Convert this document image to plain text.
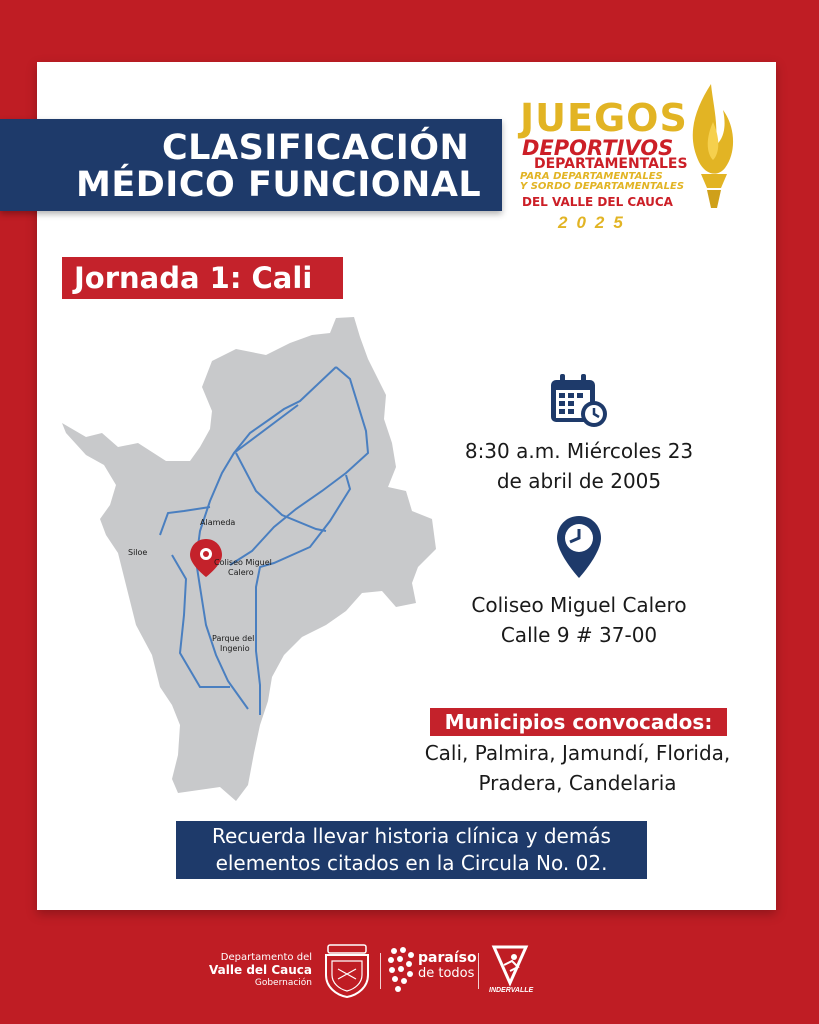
CLASIFICACIÓN
MÉDICO FUNCIONAL
JUEGOS
DEPORTIVOS
DEPARTAMENTALES
PARA DEPARTAMENTALES
Y SORDO DEPARTAMENTALES
DEL VALLE DEL CAUCA
2025
Jornada 1: Cali
Alameda
Siloe
Coliseo Miguel
Calero
Parque del
Ingenio
8:30 a.m. Miércoles 23
de abril de 2005
Coliseo Miguel Calero
Calle 9 # 37-00
Municipios convocados:
Cali, Palmira, Jamundí, Florida,
Pradera, Candelaria
Recuerda llevar historia clínica y demás
elementos citados en la Circula No. 02.
Departamento del
Valle del Cauca
Gobernación
paraíso
de todos
INDERVALLE
